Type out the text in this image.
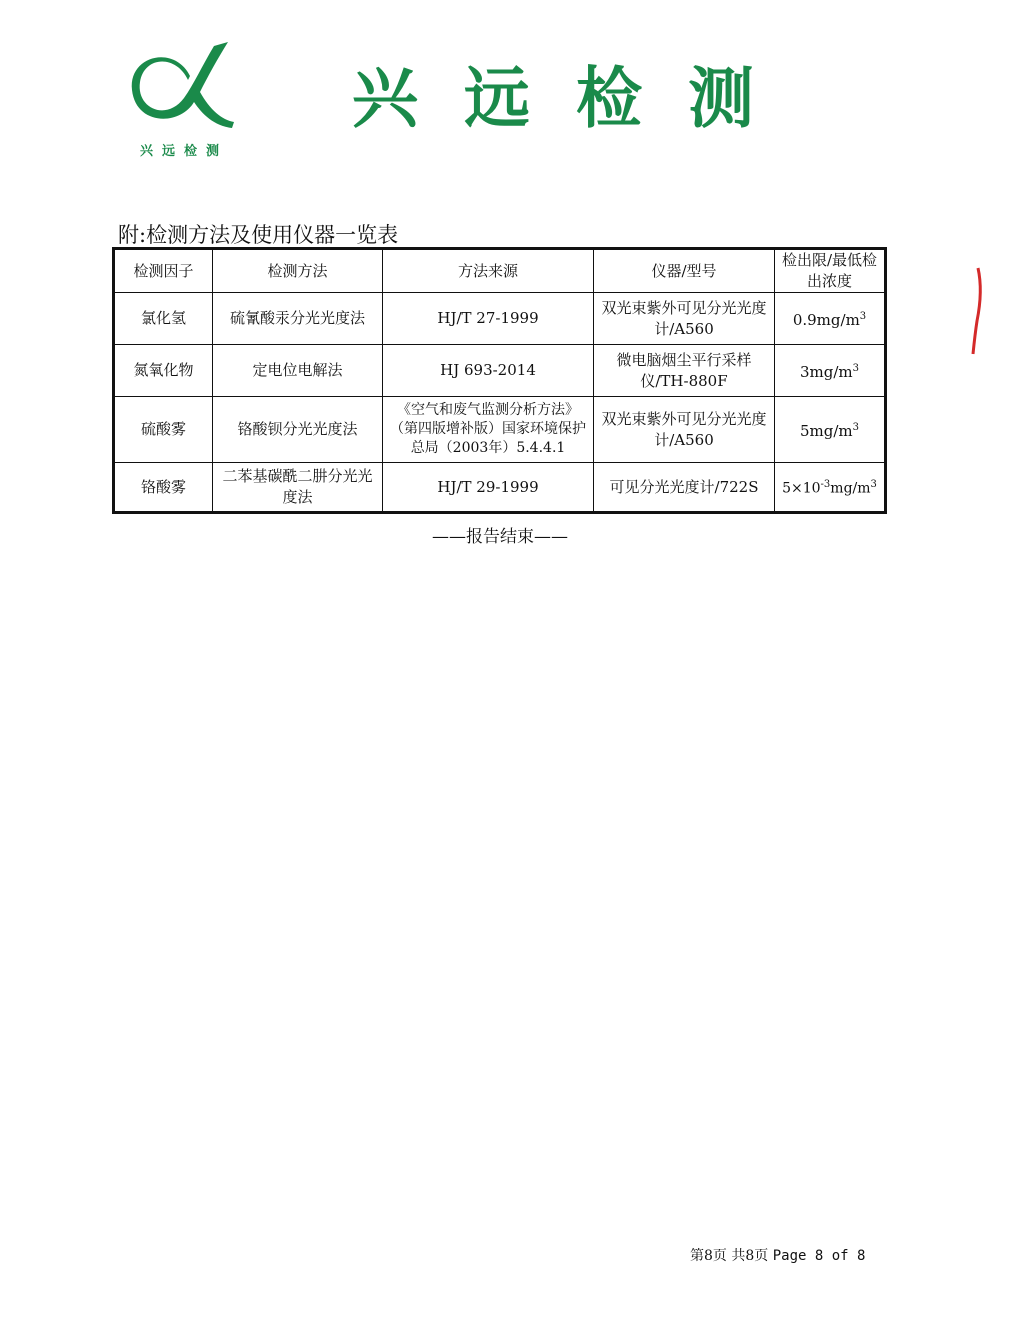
兴远检测
兴远检测
附:检测方法及使用仪器一览表
检测因子	检测方法	方法来源	仪器/型号	检出限/最低检出浓度
氯化氢	硫氰酸汞分光光度法	HJ/T 27-1999	双光束紫外可见分光光度计/A560	$0.9mg/m^3$
氮氧化物	定电位电解法	HJ 693-2014	微电脑烟尘平行采样仪/TH-880F	$3mg/m^3$
硫酸雾	铬酸钡分光光度法	《空气和废气监测分析方法》（第四版增补版）国家环境保护总局（2003年）5.4.4.1	双光束紫外可见分光光度计/A560	$5mg/m^3$
铬酸雾	二苯基碳酰二肼分光光度法	HJ/T 29-1999	可见分光光度计/722S	$5\times 10^{-3}mg/m^3$
——报告结束——
第8页 共8页 Page 8 of 8
